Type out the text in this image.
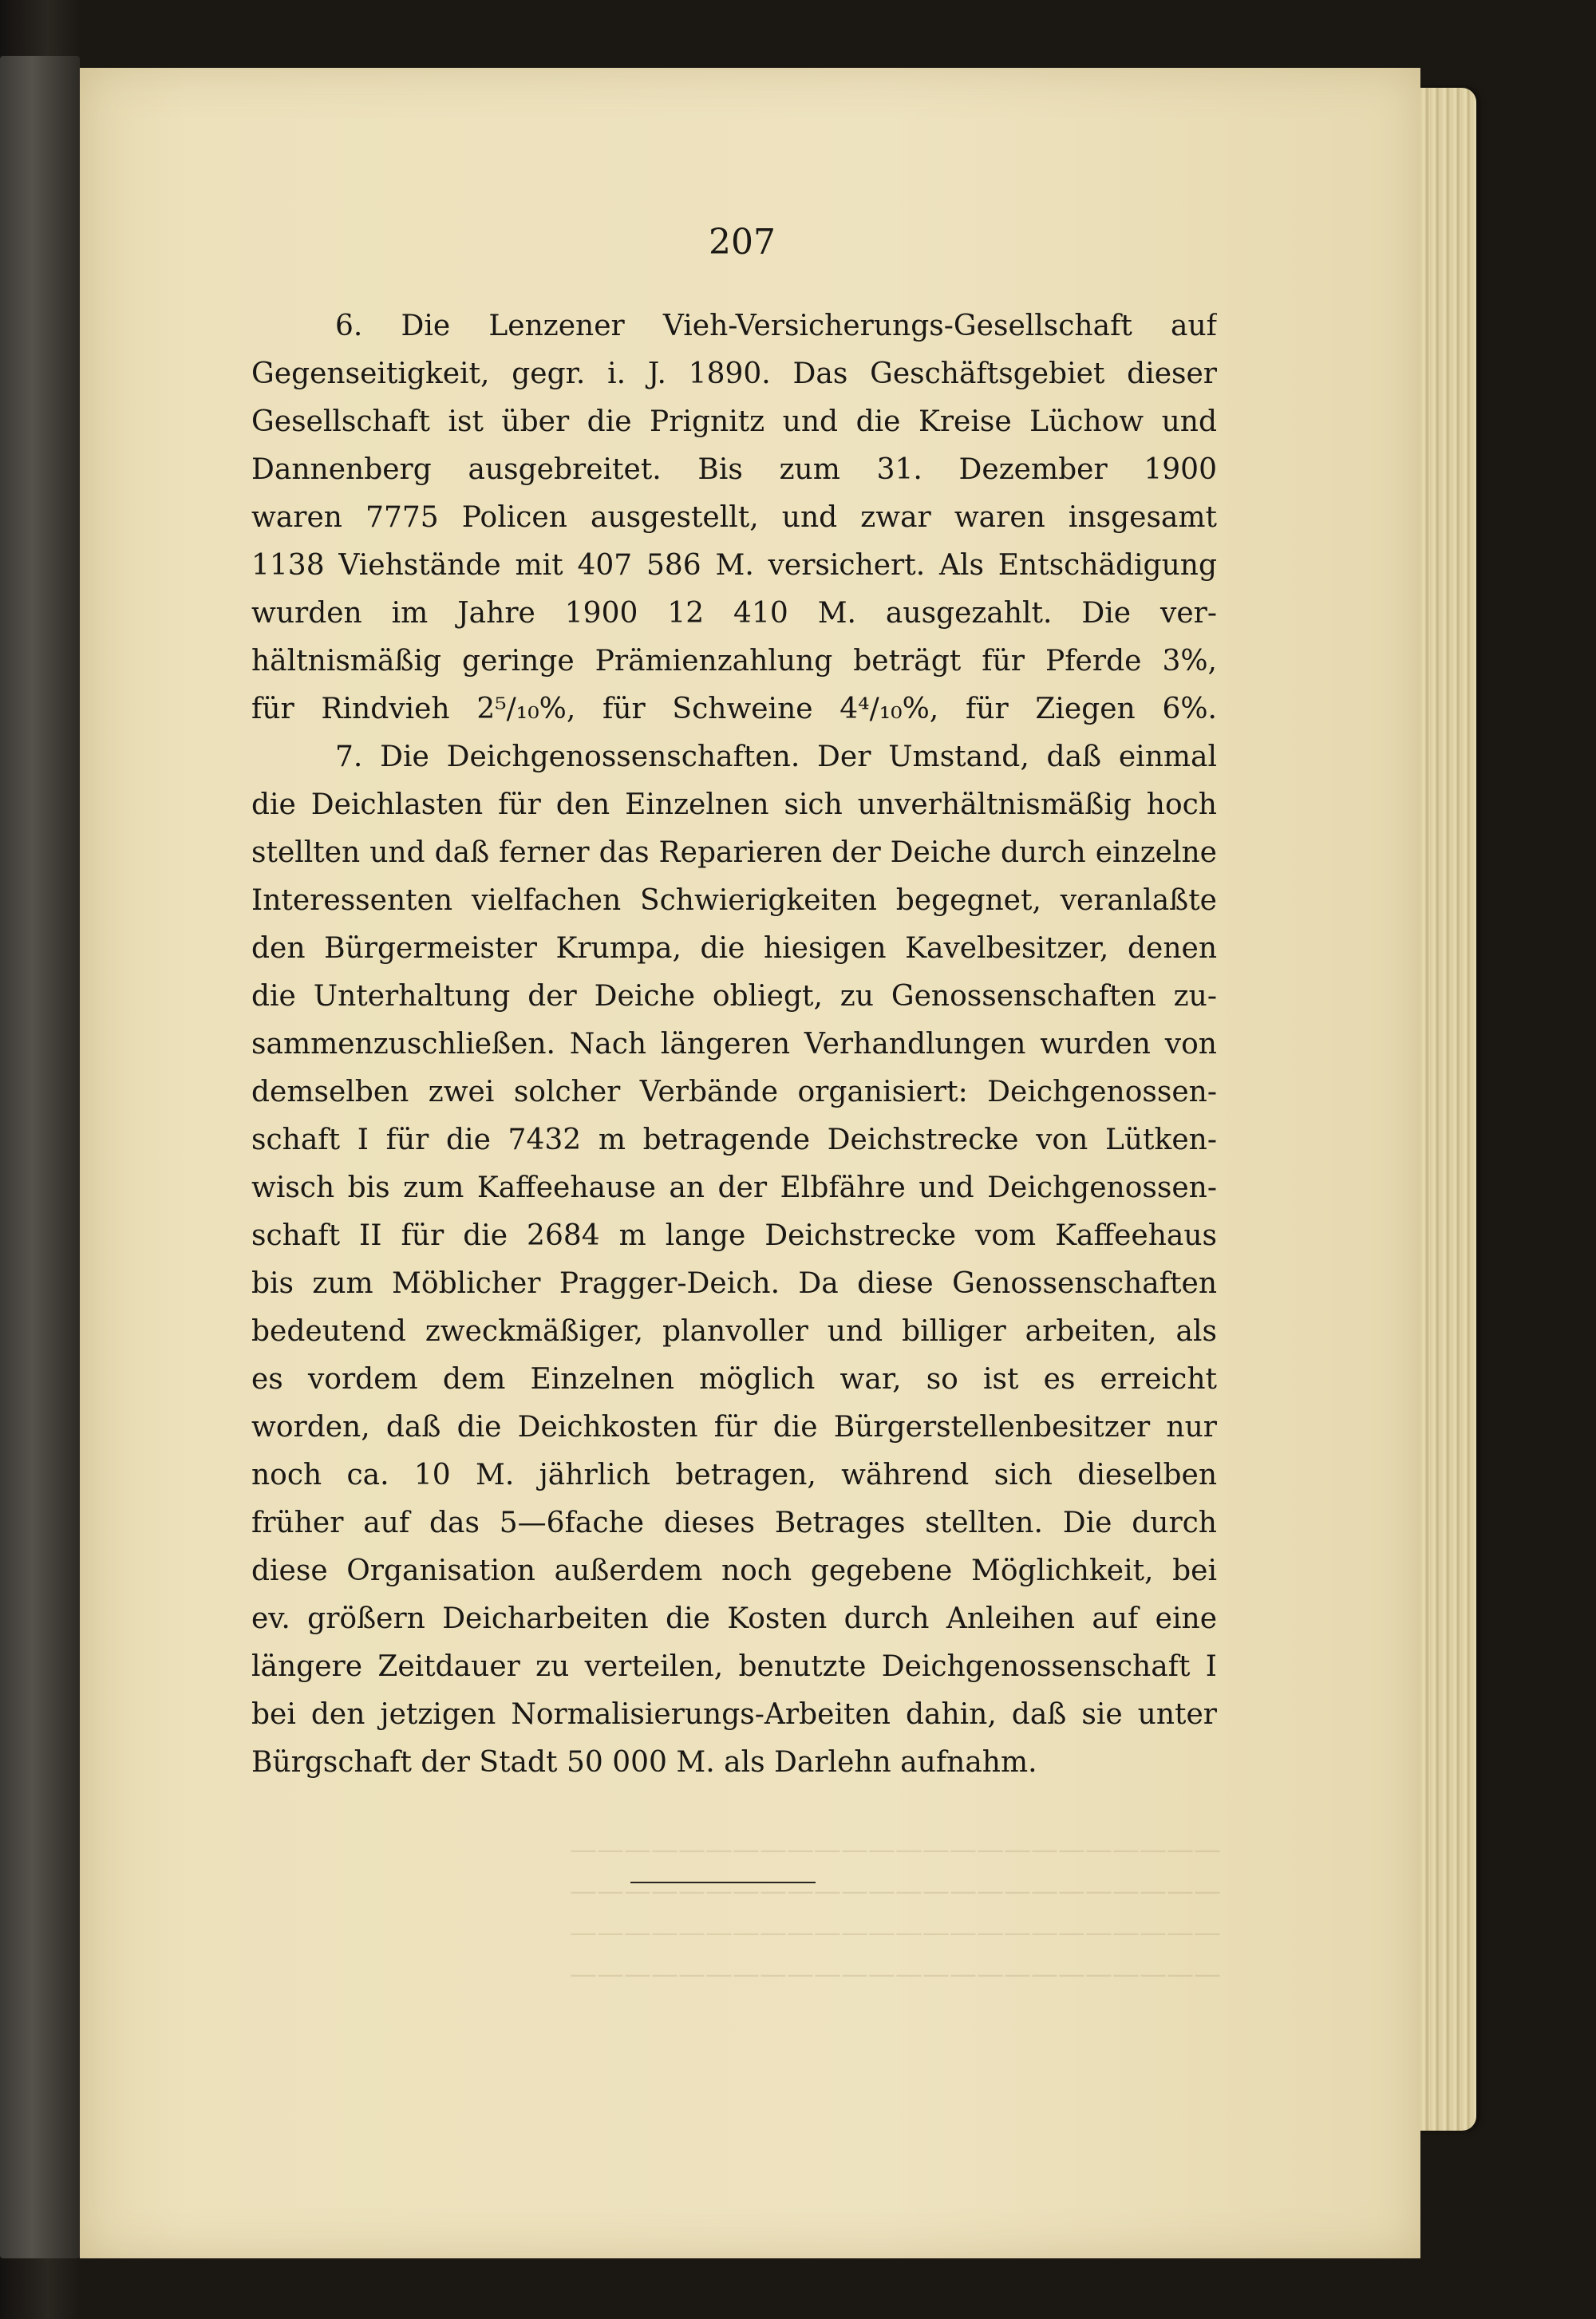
————————————————————————
————————————————————————
————————————————————————
————————————————————————
207
6. Die Lenzener Vieh-Versicherungs-Gesellschaft auf
Gegenseitigkeit, gegr. i. J. 1890. Das Geschäftsgebiet dieser
Gesellschaft ist über die Prignitz und die Kreise Lüchow und
Dannenberg ausgebreitet. Bis zum 31. Dezember 1900
waren 7775 Policen ausgestellt, und zwar waren insgesamt
1138 Viehstände mit 407 586 M. versichert. Als Entschädigung
wurden im Jahre 1900 12 410 M. ausgezahlt. Die ver-
hältnismäßig geringe Prämienzahlung beträgt für Pferde 3%,
für Rindvieh 2⁵/₁₀%, für Schweine 4⁴/₁₀%, für Ziegen 6%.
7. Die Deichgenossenschaften. Der Umstand, daß einmal
die Deichlasten für den Einzelnen sich unverhältnismäßig hoch
stellten und daß ferner das Reparieren der Deiche durch einzelne
Interessenten vielfachen Schwierigkeiten begegnet, veranlaßte
den Bürgermeister Krumpa, die hiesigen Kavelbesitzer, denen
die Unterhaltung der Deiche obliegt, zu Genossenschaften zu-
sammenzuschließen. Nach längeren Verhandlungen wurden von
demselben zwei solcher Verbände organisiert: Deichgenossen-
schaft I für die 7432 m betragende Deichstrecke von Lütken-
wisch bis zum Kaffeehause an der Elbfähre und Deichgenossen-
schaft II für die 2684 m lange Deichstrecke vom Kaffeehaus
bis zum Möblicher Pragger-Deich. Da diese Genossenschaften
bedeutend zweckmäßiger, planvoller und billiger arbeiten, als
es vordem dem Einzelnen möglich war, so ist es erreicht
worden, daß die Deichkosten für die Bürgerstellenbesitzer nur
noch ca. 10 M. jährlich betragen, während sich dieselben
früher auf das 5—6fache dieses Betrages stellten. Die durch
diese Organisation außerdem noch gegebene Möglichkeit, bei
ev. größern Deicharbeiten die Kosten durch Anleihen auf eine
längere Zeitdauer zu verteilen, benutzte Deichgenossenschaft I
bei den jetzigen Normalisierungs-Arbeiten dahin, daß sie unter
Bürgschaft der Stadt 50 000 M. als Darlehn aufnahm.
